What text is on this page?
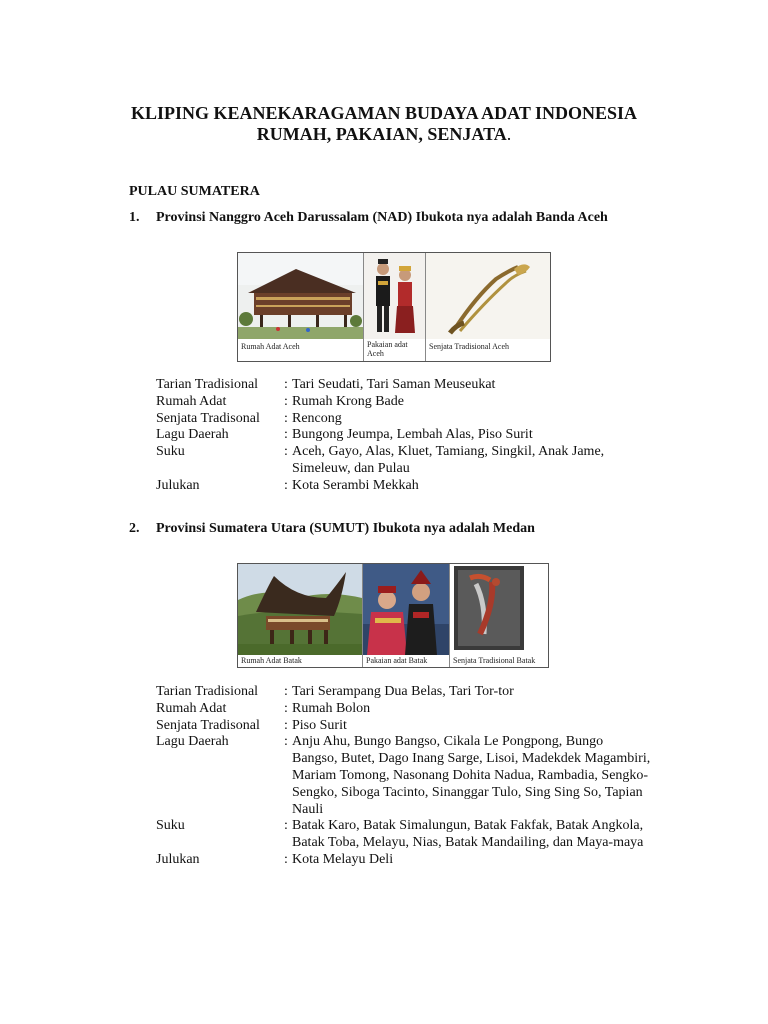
KLIPING KEANEKARAGAMAN BUDAYA ADAT INDONESIA
RUMAH, PAKAIAN, SENJATA.
PULAU SUMATERA
1. Provinsi Nanggro Aceh Darussalam (NAD) Ibukota nya adalah Banda Aceh
Rumah Adat Aceh	Pakaian adat Aceh
Senjata Tradisional Aceh
Tarian Tradisional	: Tari Seudati, Tari Saman Meuseukat
Rumah Adat	: Rumah Krong Bade
Senjata Tradisonal	: Rencong
Lagu Daerah	: Bungong Jeumpa, Lembah Alas, Piso Surit
Suku	: Aceh, Gayo, Alas, Kluet, Tamiang, Singkil, Anak Jame, Simeleuw, dan Pulau
Julukan	: Kota Serambi Mekkah
2. Provinsi Sumatera Utara (SUMUT) Ibukota nya adalah Medan
Rumah Adat Batak	Pakaian adat Batak	Senjata Tradisional Batak
Tarian Tradisional	: Tari Serampang Dua Belas, Tari Tor-tor
Rumah Adat	: Rumah Bolon
Senjata Tradisonal	: Piso Surit
Lagu Daerah	: Anju Ahu, Bungo Bangso, Cikala Le Pongpong, Bungo Bangso, Butet, Dago Inang Sarge, Lisoi, Madekdek Magambiri, Mariam Tomong, Nasonang Dohita Nadua, Rambadia, Sengko-Sengko, Siboga Tacinto, Sinanggar Tulo, Sing Sing So, Tapian Nauli
Suku	: Batak Karo, Batak Simalungun, Batak Fakfak, Batak Angkola, Batak Toba, Melayu, Nias, Batak Mandailing, dan Maya-maya
Julukan	: Kota Melayu Deli
